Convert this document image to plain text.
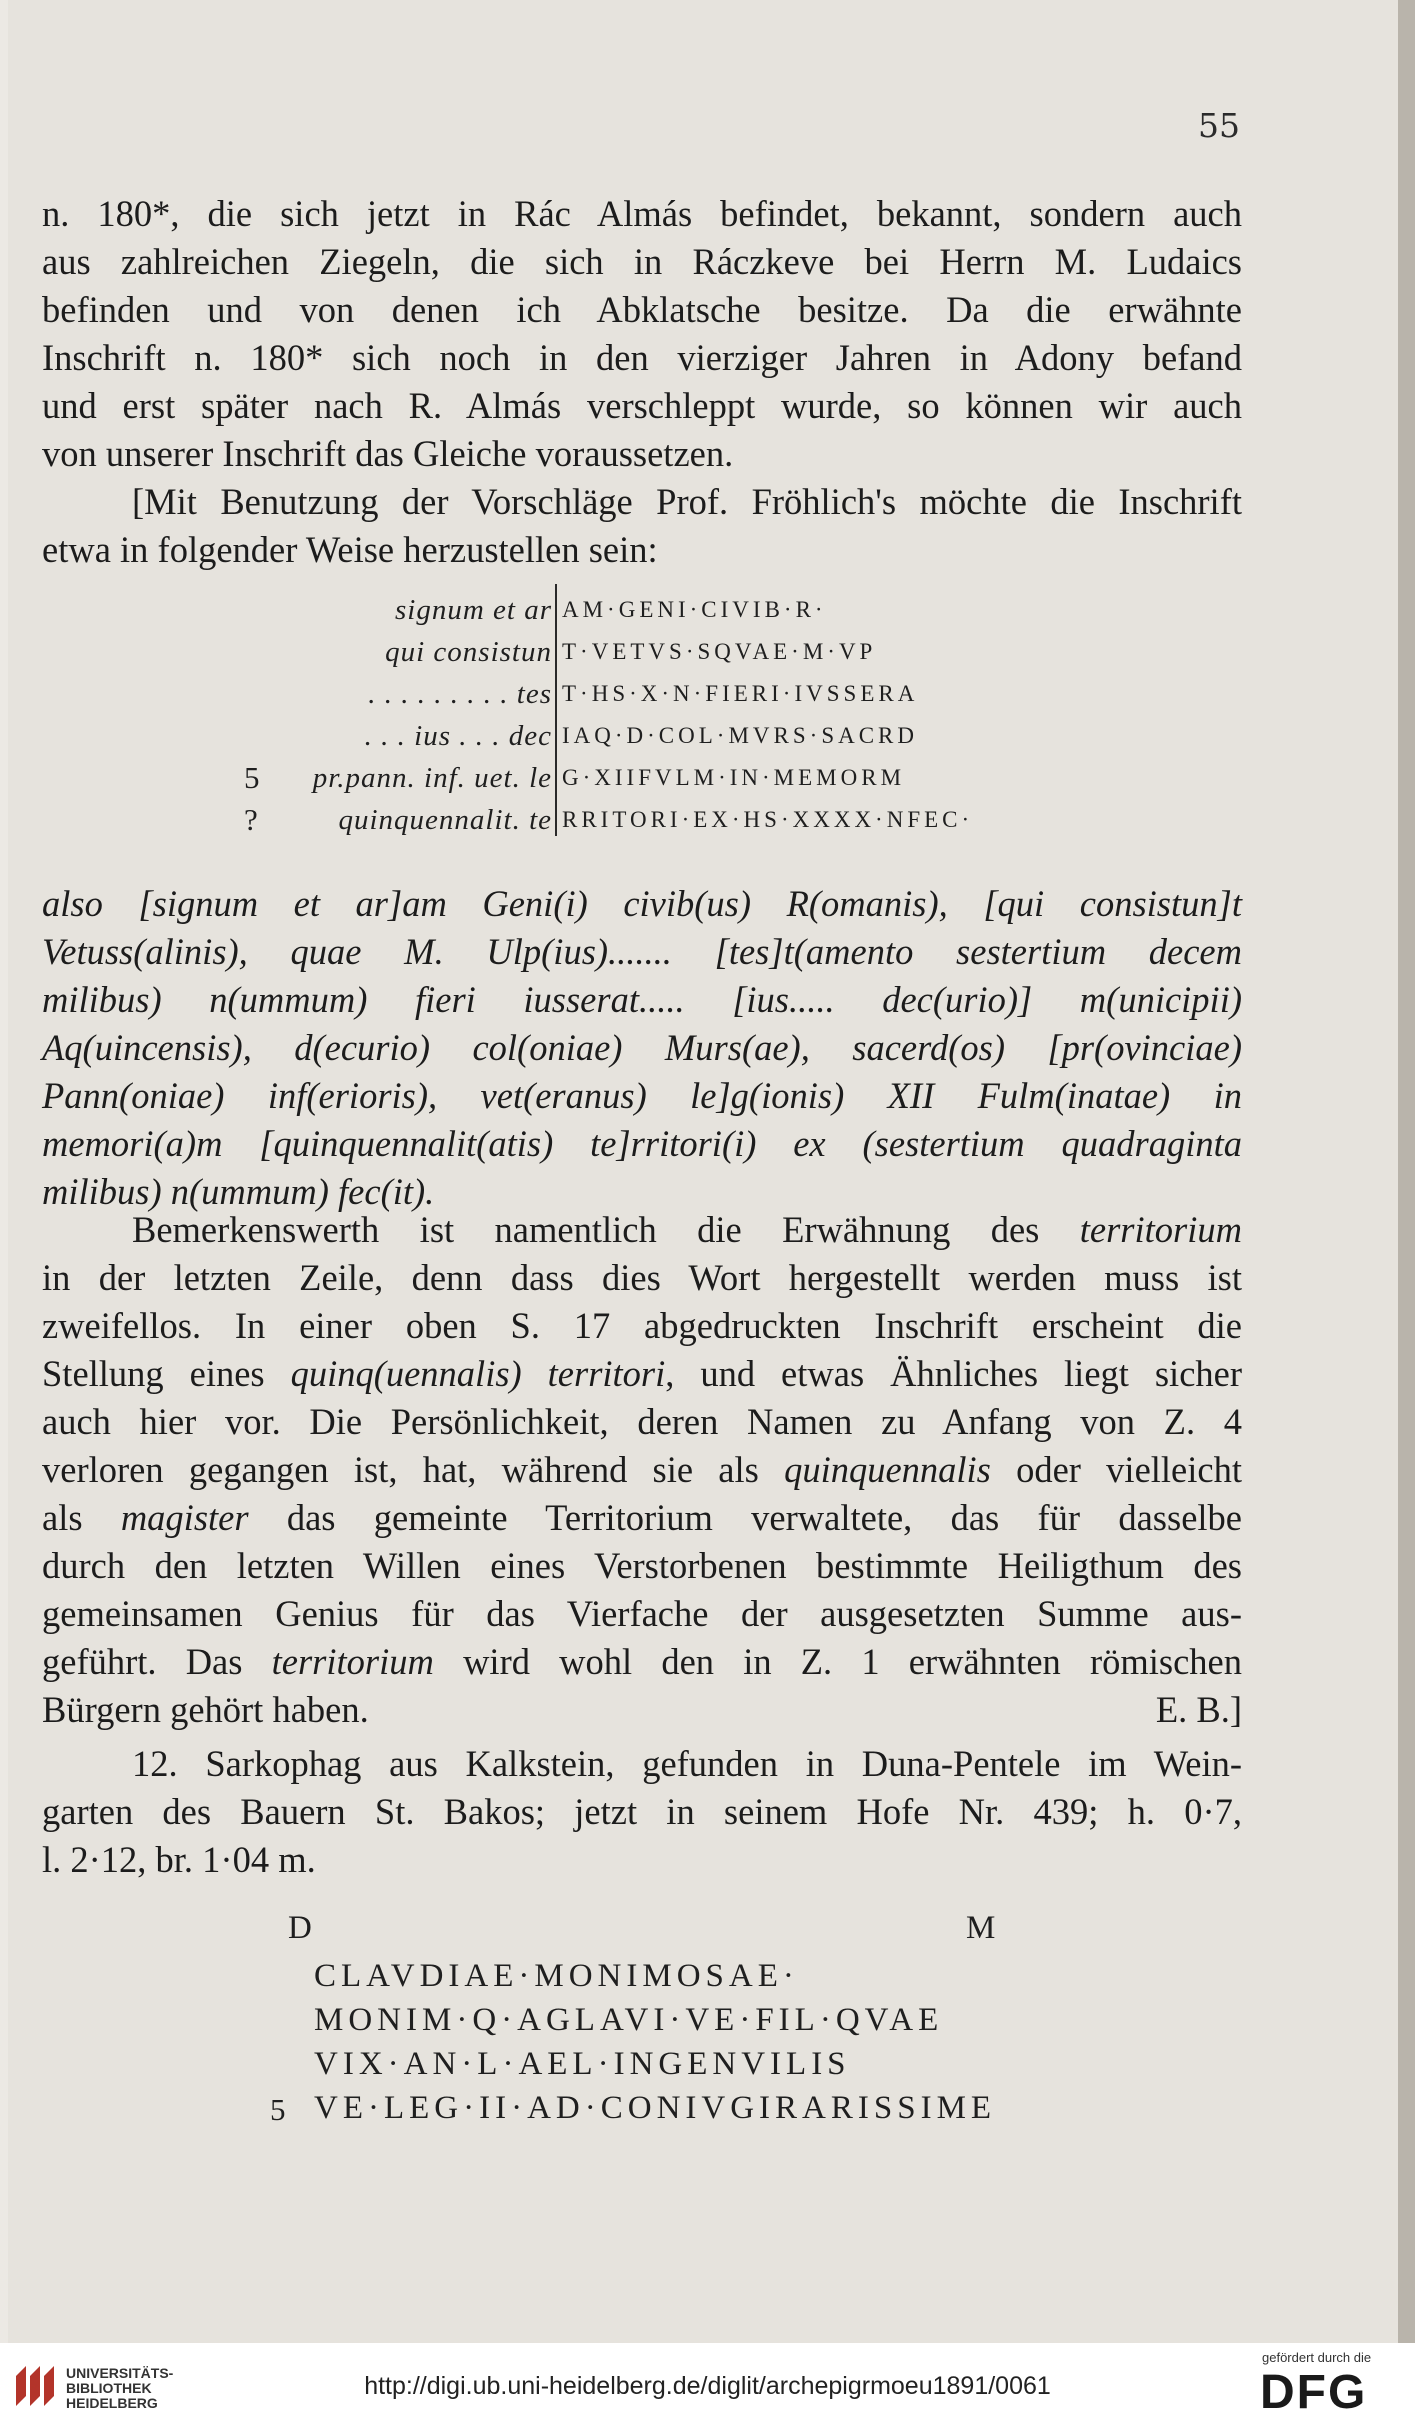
55
n. 180*, die sich jetzt in Rác Almás befindet, bekannt, sondern auch
aus zahlreichen Ziegeln, die sich in Ráczkeve bei Herrn M. Ludaics
befinden und von denen ich Abklatsche besitze. Da die erwähnte
Inschrift n. 180* sich noch in den vierziger Jahren in Adony befand
und erst später nach R. Almás verschleppt wurde, so können wir auch
von unserer Inschrift das Gleiche voraussetzen.
[Mit Benutzung der Vorschläge Prof. Fröhlich's möchte die Inschrift
etwa in folgender Weise herzustellen sein:
signum et ar AM·GENI·CIVIB·R·
qui consistun T·VETVS·SQVAE·M·VP
. . . . . . . . . tes T·HS·X·N·FIERI·IVSSERA
. . . ius . . . dec IAQ·D·COL·MVRS·SACRD
5	pr.pann. inf. uet. le G·XIIFVLM·IN·MEMORM
?	quinquennalit. te RRITORI·EX·HS·XXXX·NFEC·
also [signum et ar]am Geni(i) civib(us) R(omanis), [qui consistun]t
Vetuss(alinis), quae M. Ulp(ius)....... [tes]t(amento sestertium decem
milibus) n(ummum) fieri iusserat..... [ius..... dec(urio)] m(unicipii)
Aq(uincensis), d(ecurio) col(oniae) Murs(ae), sacerd(os) [pr(ovinciae)
Pann(oniae) inf(erioris), vet(eranus) le]g(ionis) XII Fulm(inatae) in
memori(a)m [quinquennalit(atis) te]rritori(i) ex (sestertium quadraginta
milibus) n(ummum) fec(it).
Bemerkenswerth ist namentlich die Erwähnung des territorium
in der letzten Zeile, denn dass dies Wort hergestellt werden muss ist
zweifellos. In einer oben S. 17 abgedruckten Inschrift erscheint die
Stellung eines quinq(uennalis) territori, und etwas Ähnliches liegt sicher
auch hier vor. Die Persönlichkeit, deren Namen zu Anfang von Z. 4
verloren gegangen ist, hat, während sie als quinquennalis oder vielleicht
als magister das gemeinte Territorium verwaltete, das für dasselbe
durch den letzten Willen eines Verstorbenen bestimmte Heiligthum des
gemeinsamen Genius für das Vierfache der ausgesetzten Summe aus-
geführt. Das territorium wird wohl den in Z. 1 erwähnten römischen
Bürgern gehört haben.	E. B.]
12. Sarkophag aus Kalkstein, gefunden in Duna-Pentele im Wein-
garten des Bauern St. Bakos; jetzt in seinem Hofe Nr. 439; h. 0·7,
l. 2·12, br. 1·04 m.
D	M
CLAVDIAE·MONIMOSAE·
MONIM·Q·AGLAVI·VE·FIL·QVAE
VIX·AN·L·AEL·INGENVILIS
5 VE·LEG·II·AD·CONIVGIRARISSIME
UNIVERSITÄTS-
BIBLIOTHEK
HEIDELBERG
http://digi.ub.uni-heidelberg.de/diglit/archepigrmoeu1891/0061
gefördert durch die
DFG
